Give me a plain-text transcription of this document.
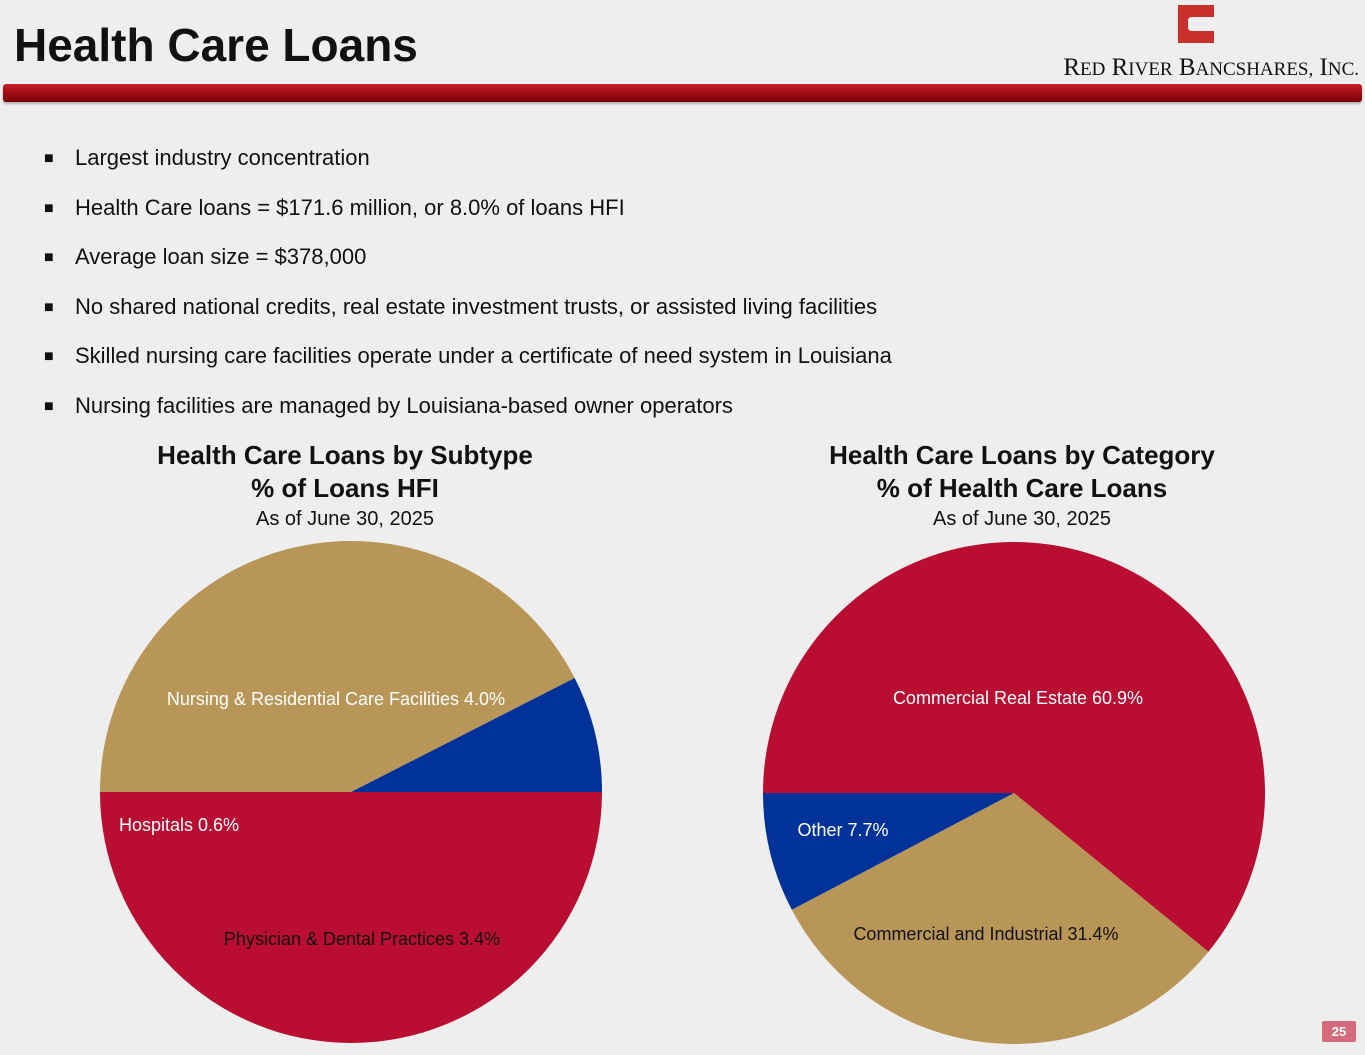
Health Care Loans	RED RIVER BANCSHARES, INC.
■ Largest industry concentration
■ Health Care loans = $171.6 million, or 8.0% of loans HFI
■ Average loan size = $378,000
■ No shared national credits, real estate investment trusts, or assisted living facilities
■ Skilled nursing care facilities operate under a certificate of need system in Louisiana
■ Nursing facilities are managed by Louisiana-based owner operators
Health Care Loans by Subtype
% of Loans HFI
As of June 30, 2025
Health Care Loans by Category
% of Health Care Loans
As of June 30, 2025
Nursing & Residential Care Facilities 4.0%
Physician & Dental Practices 3.4%
Hospitals 0.6%
Commercial Real Estate 60.9%
Commercial and Industrial 31.4%
Other 7.7%
25
